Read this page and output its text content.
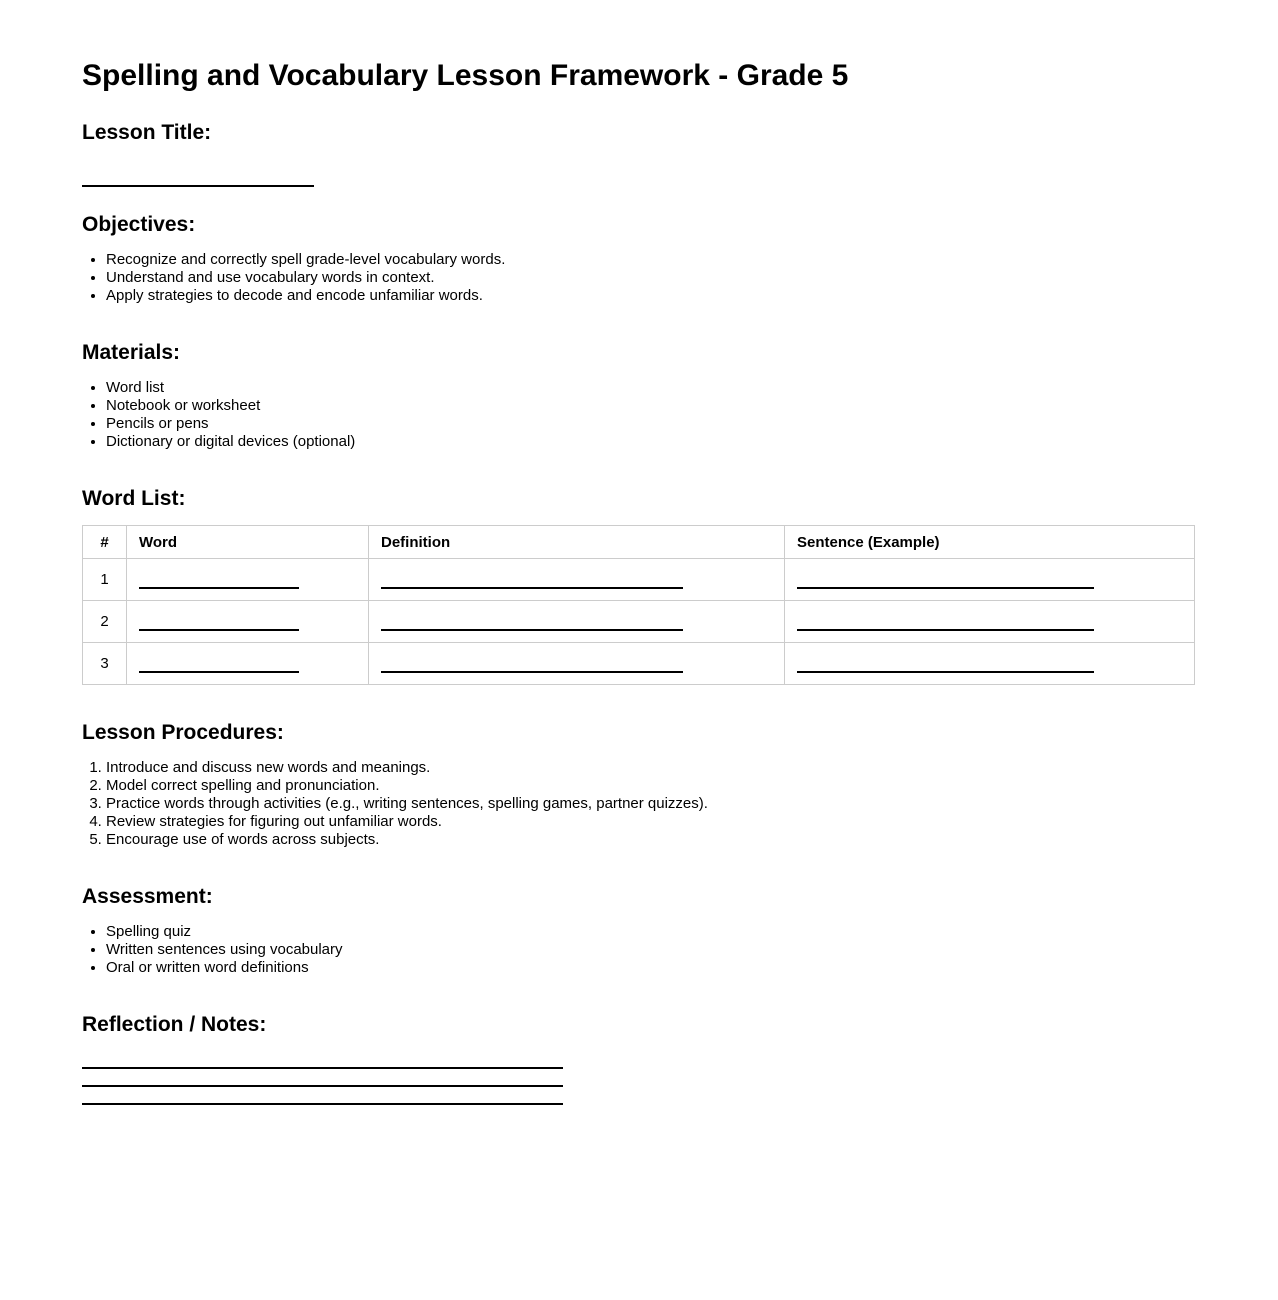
Spelling and Vocabulary Lesson Framework - Grade 5
Lesson Title:
Objectives:
• Recognize and correctly spell grade-level vocabulary words.
• Understand and use vocabulary words in context.
• Apply strategies to decode and encode unfamiliar words.
Materials:
• Word list
• Notebook or worksheet
• Pencils or pens
• Dictionary or digital devices (optional)
Word List:
#	Word	Definition	Sentence (Example)
1			
2			
3			
Lesson Procedures:
1. Introduce and discuss new words and meanings.
2. Model correct spelling and pronunciation.
3. Practice words through activities (e.g., writing sentences, spelling games, partner quizzes).
4. Review strategies for figuring out unfamiliar words.
5. Encourage use of words across subjects.
Assessment:
• Spelling quiz
• Written sentences using vocabulary
• Oral or written word definitions
Reflection / Notes:
